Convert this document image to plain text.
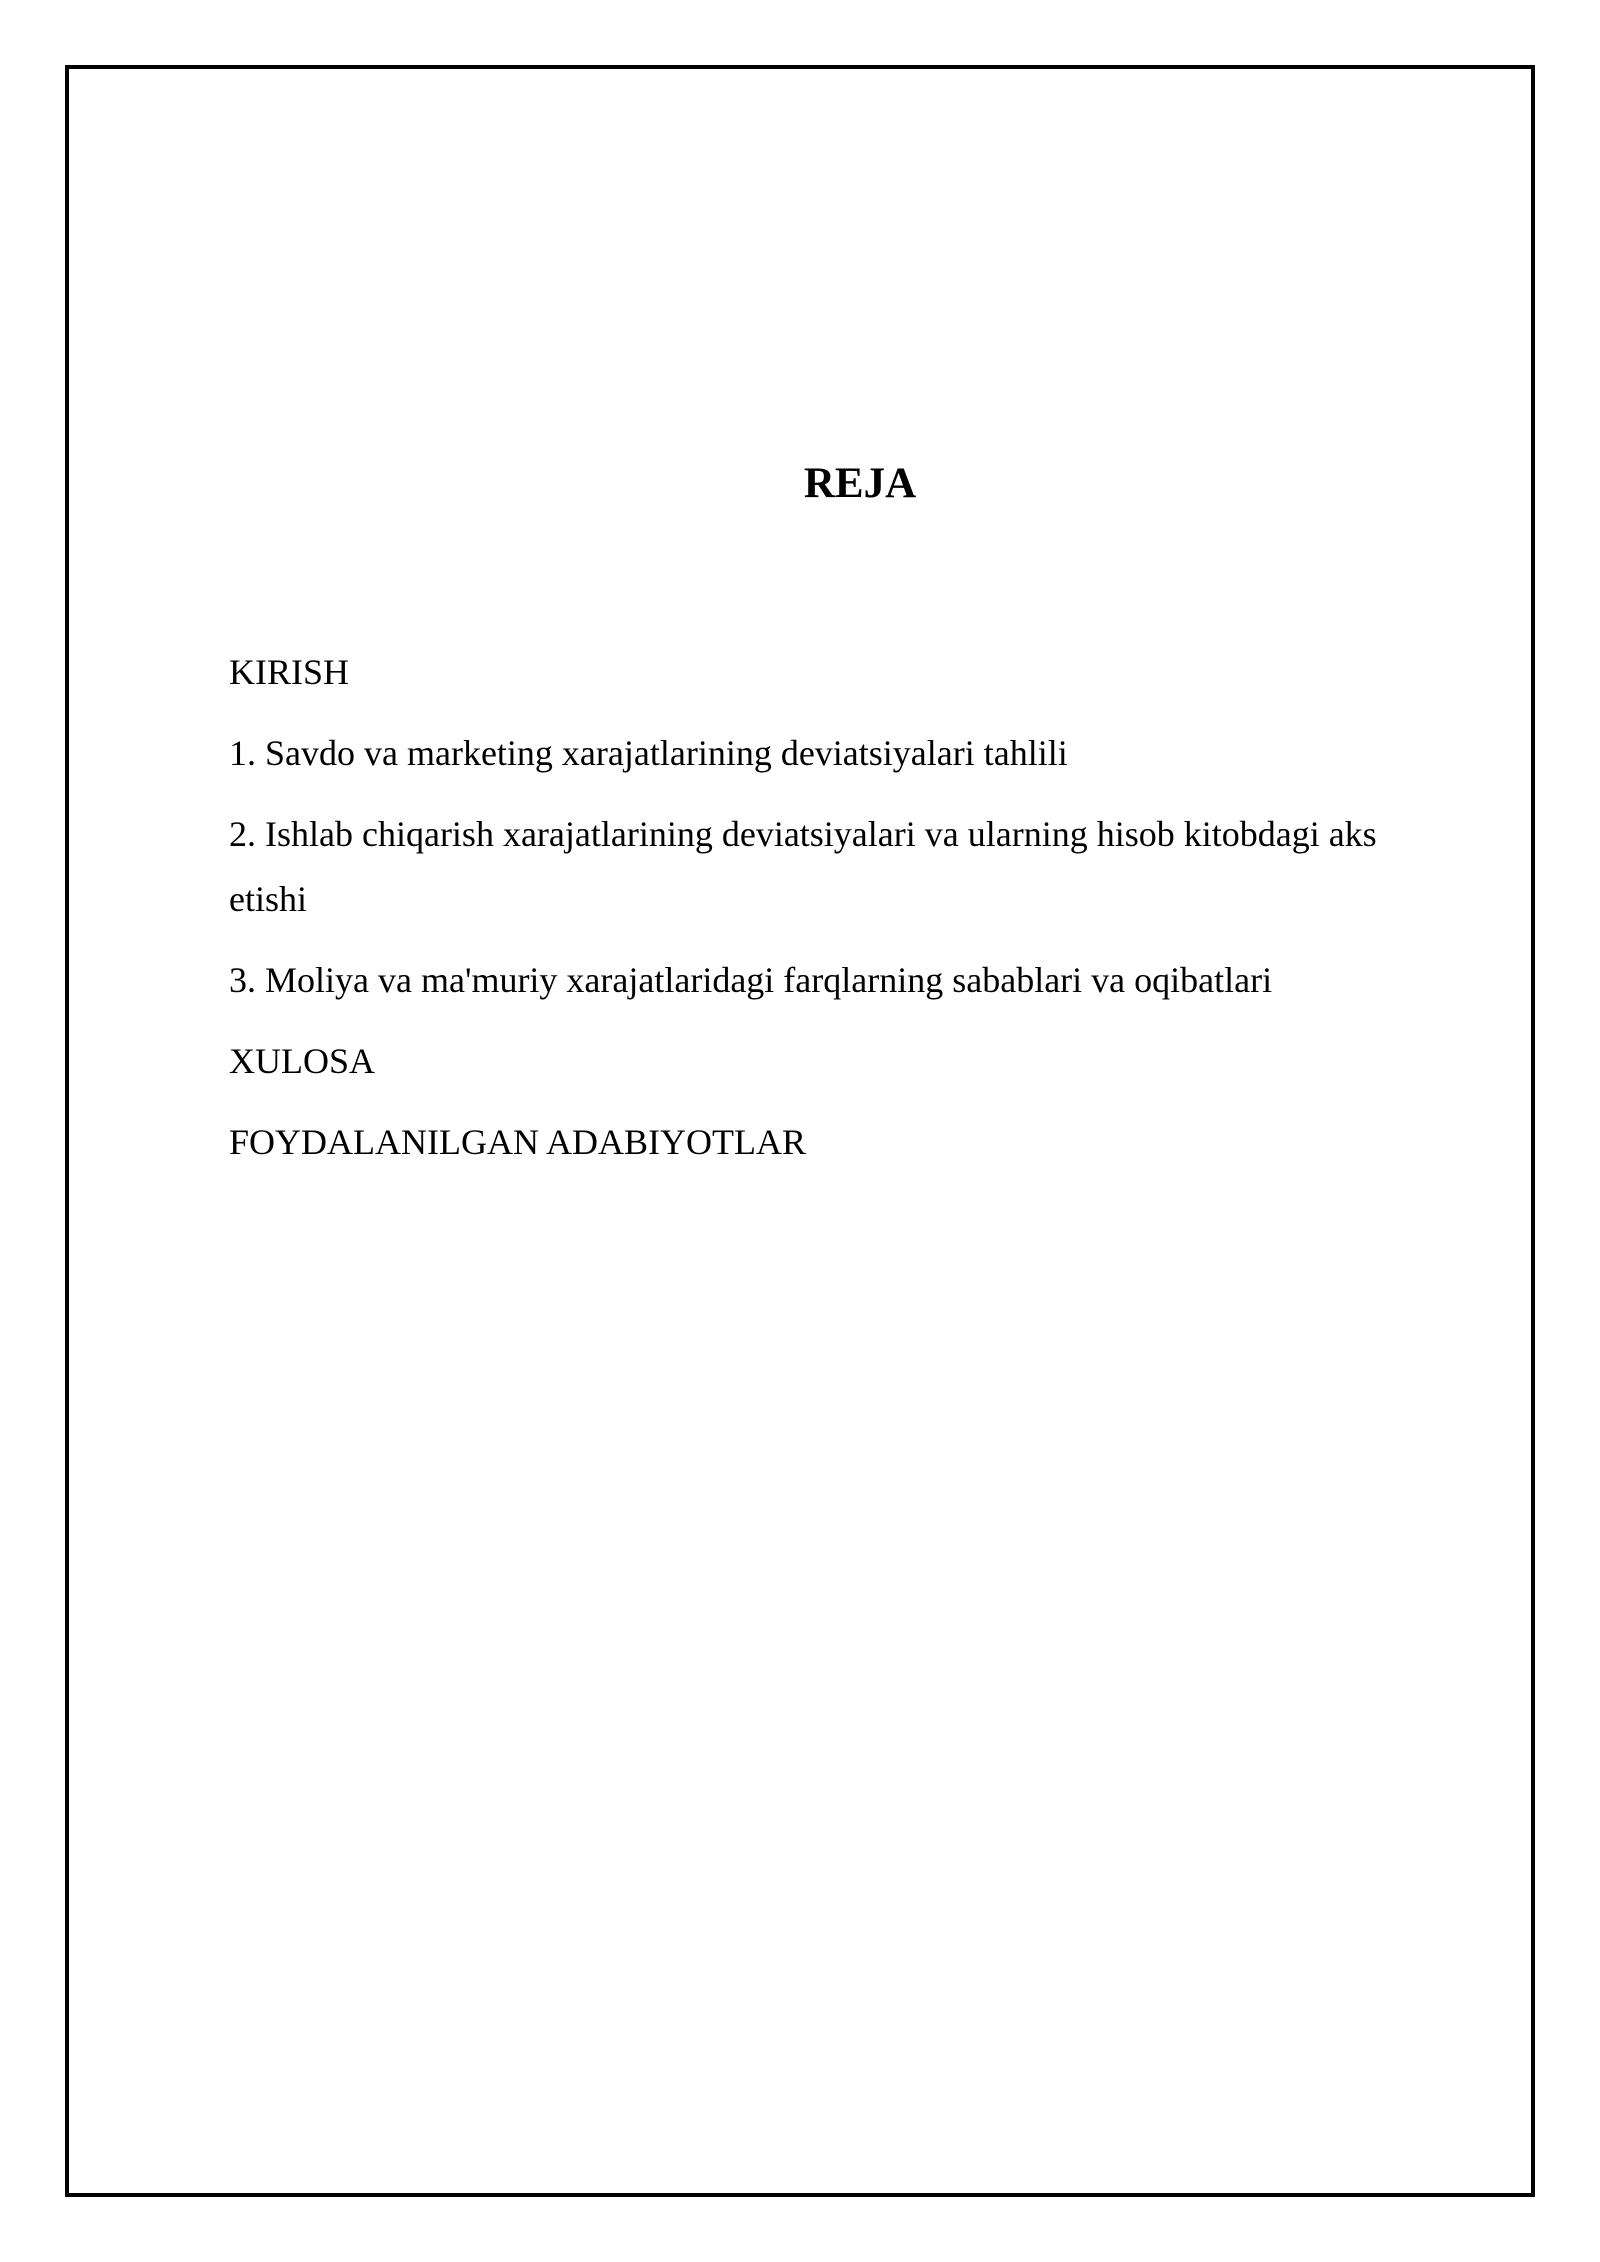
REJA
KIRISH
1. Savdo va marketing xarajatlarining deviatsiyalari tahlili
2. Ishlab chiqarish xarajatlarining deviatsiyalari va ularning hisob kitobdagi aks etishi
3. Moliya va ma'muriy xarajatlaridagi farqlarning sabablari va oqibatlari
XULOSA
FOYDALANILGAN ADABIYOTLAR
